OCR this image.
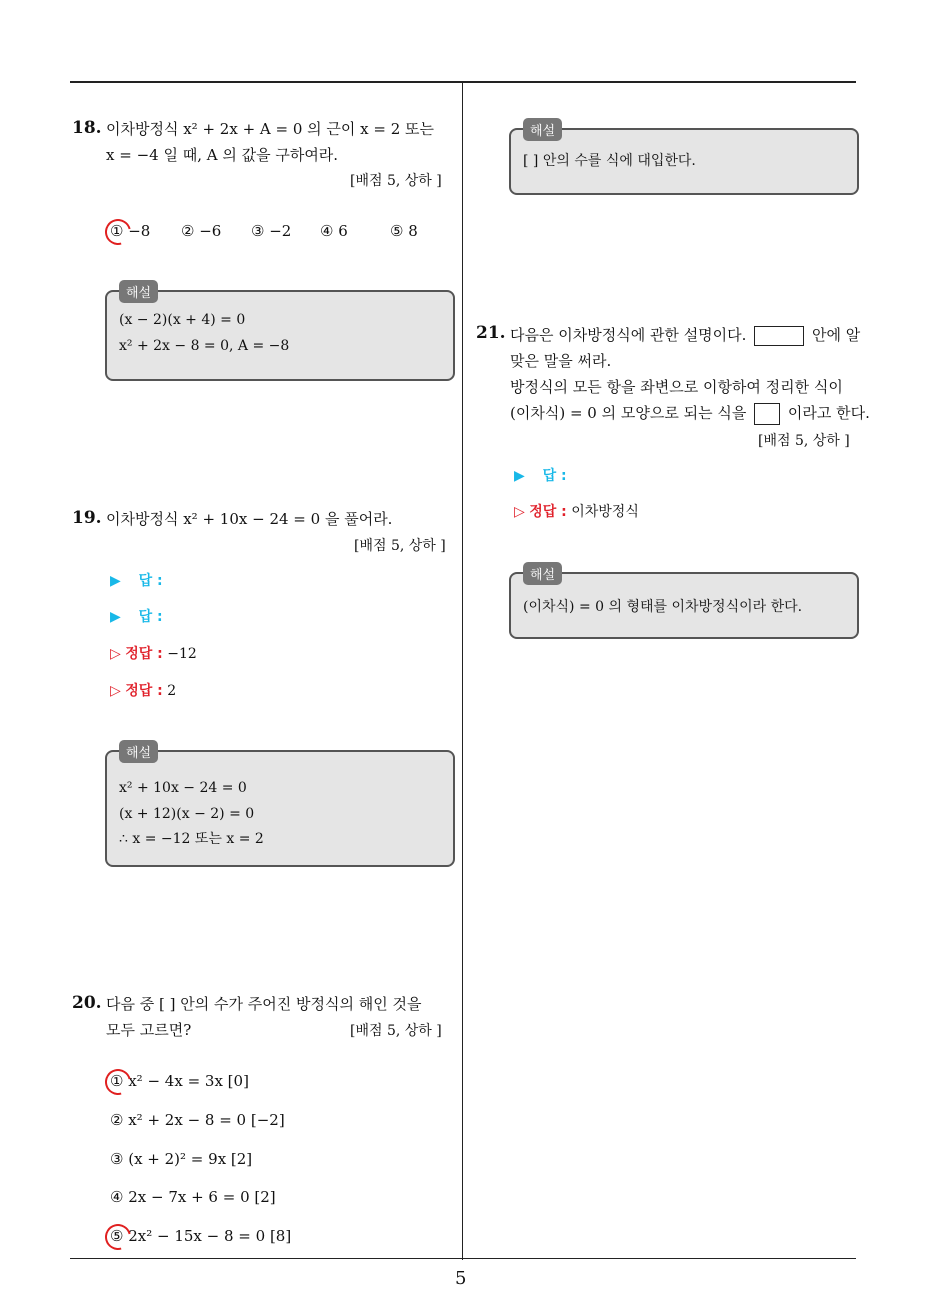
5
18. 이차방정식 x² + 2x + A = 0 의 근이 x = 2 또는
x = −4 일 때, A 의 값을 구하여라.
[배점 5, 상하 ]
① −8 ② −6 ③ −2 ④ 6	⑤ 8
해설
(x − 2)(x + 4) = 0
x² + 2x − 8 = 0, A = −8
19. 이차방정식 x² + 10x − 24 = 0 을 풀어라.
[배점 5, 상하 ]
▶ 답 :
▶ 답 :
▷ 정답 : −12
▷ 정답 : 2
해설
x² + 10x − 24 = 0
(x + 12)(x − 2) = 0
∴ x = −12 또는 x = 2
20. 다음 중 [ ] 안의 수가 주어진 방정식의 해인 것을
모두 고르면?	[배점 5, 상하 ]
① x² − 4x = 3x [0]
② x² + 2x − 8 = 0 [−2]
③ (x + 2)² = 9x [2]
④ 2x − 7x + 6 = 0 [2]
⑤ 2x² − 15x − 8 = 0 [8]
해설
[ ] 안의 수를 식에 대입한다.
21. 다음은 이차방정식에 관한 설명이다.	안에 알
맞은 말을 써라.
방정식의 모든 항을 좌변으로 이항하여 정리한 식이
(이차식) = 0 의 모양으로 되는 식을	이라고 한다.
[배점 5, 상하 ]
▶ 답 :
▷ 정답 : 이차방정식
해설
(이차식) = 0 의 형태를 이차방정식이라 한다.
